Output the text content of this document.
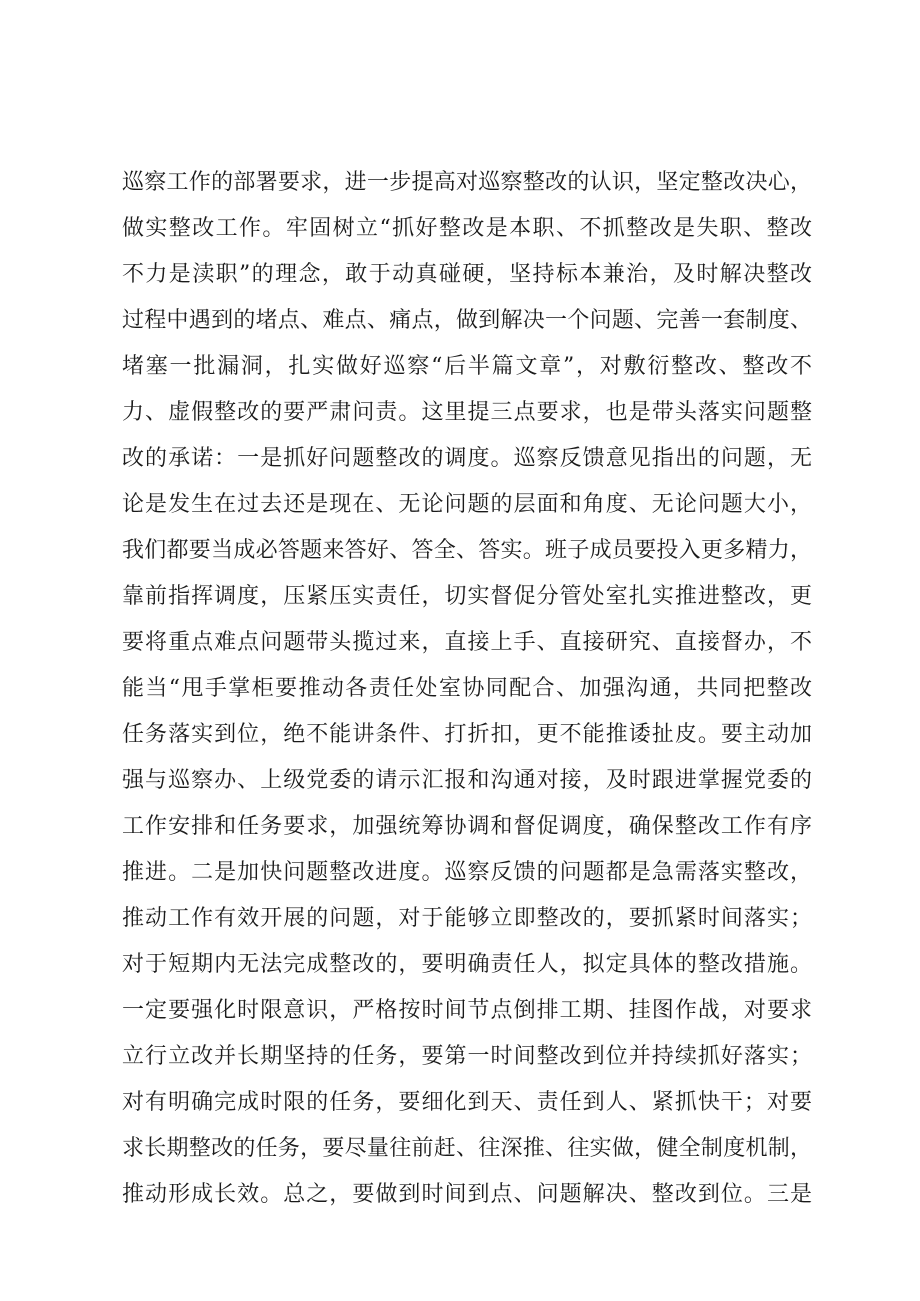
巡察工作的部署要求，进一步提高对巡察整改的认识，坚定整改决心，
做实整改工作。牢固树立“抓好整改是本职、不抓整改是失职、整改
不力是渎职”的理念，敢于动真碰硬，坚持标本兼治，及时解决整改
过程中遇到的堵点、难点、痛点，做到解决一个问题、完善一套制度、
堵塞一批漏洞，扎实做好巡察“后半篇文章”，对敷衍整改、整改不
力、虚假整改的要严肃问责。这里提三点要求，也是带头落实问题整
改的承诺：一是抓好问题整改的调度。巡察反馈意见指出的问题，无
论是发生在过去还是现在、无论问题的层面和角度、无论问题大小，
我们都要当成必答题来答好、答全、答实。班子成员要投入更多精力，
靠前指挥调度，压紧压实责任，切实督促分管处室扎实推进整改，更
要将重点难点问题带头揽过来，直接上手、直接研究、直接督办，不
能当“甩手掌柜要推动各责任处室协同配合、加强沟通，共同把整改
任务落实到位，绝不能讲条件、打折扣，更不能推诿扯皮。要主动加
强与巡察办、上级党委的请示汇报和沟通对接，及时跟进掌握党委的
工作安排和任务要求，加强统筹协调和督促调度，确保整改工作有序
推进。二是加快问题整改进度。巡察反馈的问题都是急需落实整改，
推动工作有效开展的问题，对于能够立即整改的，要抓紧时间落实；
对于短期内无法完成整改的，要明确责任人，拟定具体的整改措施。
一定要强化时限意识，严格按时间节点倒排工期、挂图作战，对要求
立行立改并长期坚持的任务，要第一时间整改到位并持续抓好落实；
对有明确完成时限的任务，要细化到天、责任到人、紧抓快干；对要
求长期整改的任务，要尽量往前赶、往深推、往实做，健全制度机制，
推动形成长效。总之，要做到时间到点、问题解决、整改到位。三是
